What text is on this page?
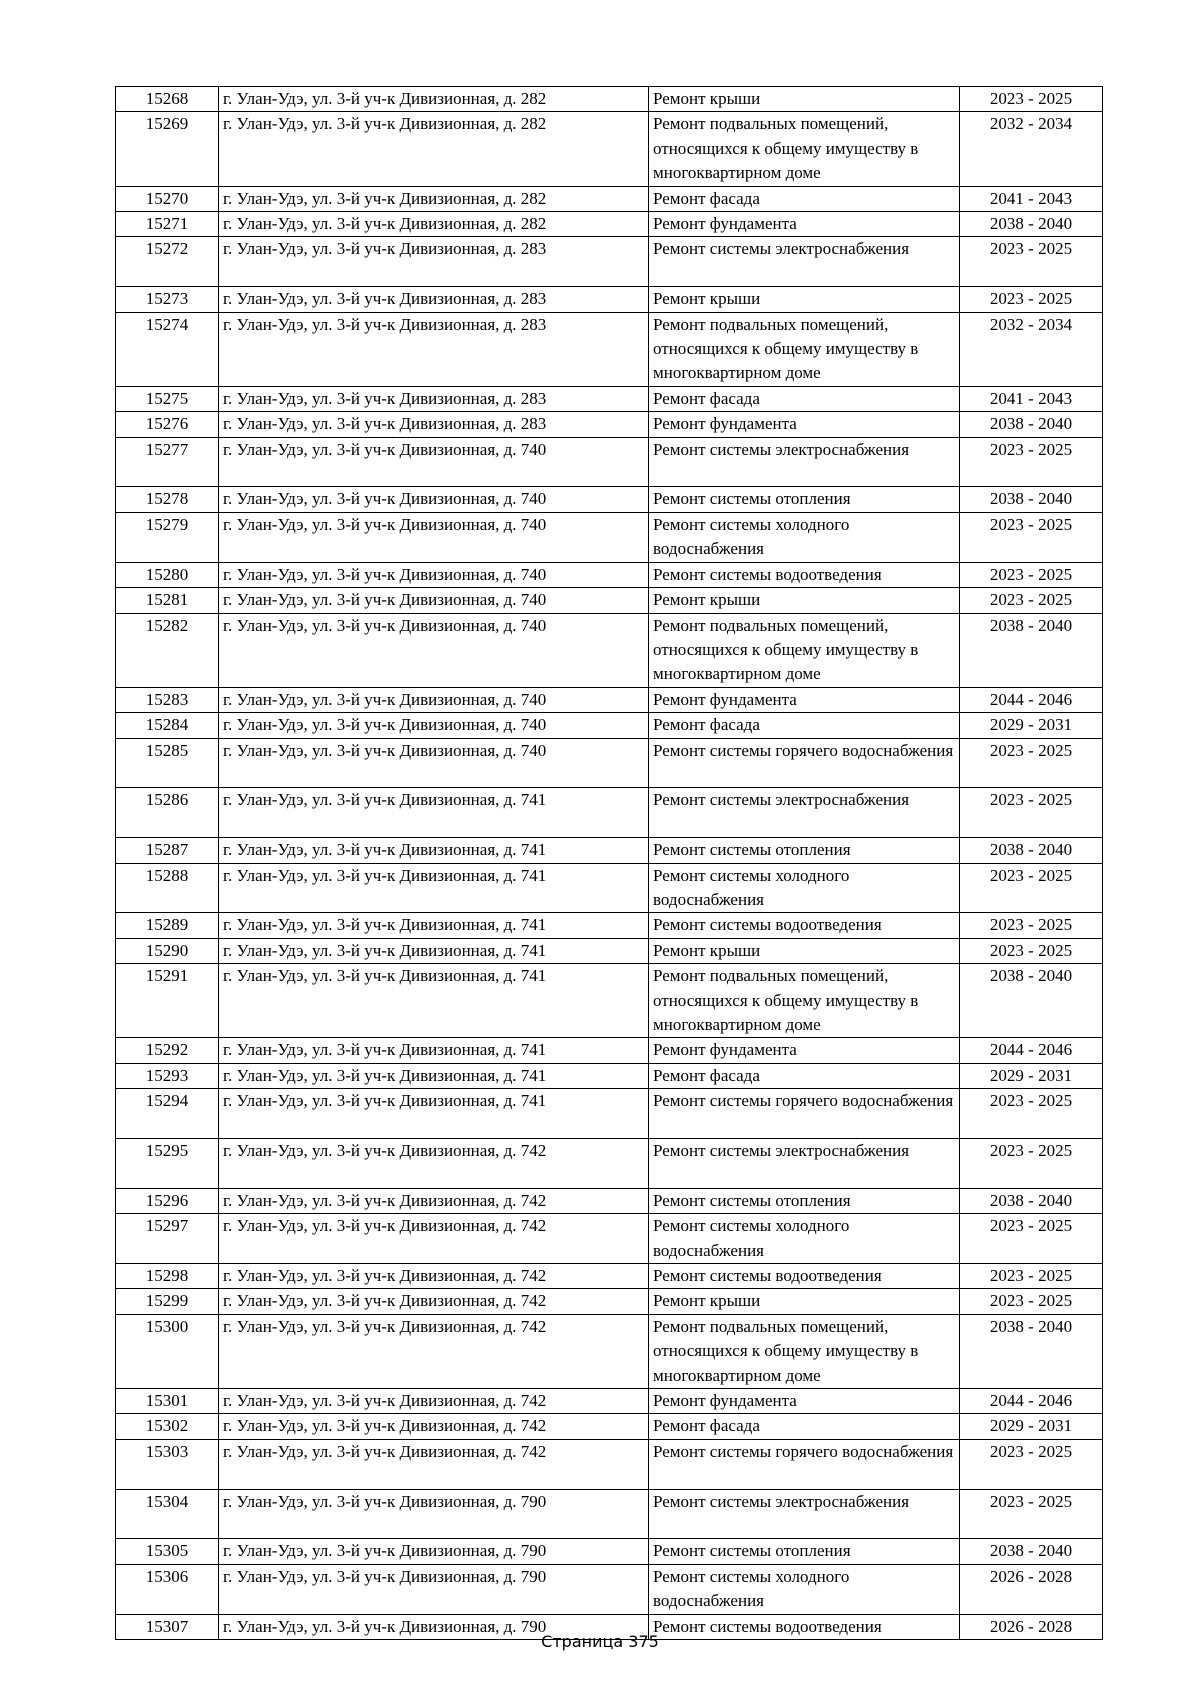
15268	г. Улан-Удэ, ул. 3-й уч-к Дивизионная, д. 282	Ремонт крыши	2023 - 2025
15269	г. Улан-Удэ, ул. 3-й уч-к Дивизионная, д. 282	Ремонт подвальных помещений, относящихся к общему имуществу в многоквартирном доме	2032 - 2034
15270	г. Улан-Удэ, ул. 3-й уч-к Дивизионная, д. 282	Ремонт фасада	2041 - 2043
15271	г. Улан-Удэ, ул. 3-й уч-к Дивизионная, д. 282	Ремонт фундамента	2038 - 2040
15272	г. Улан-Удэ, ул. 3-й уч-к Дивизионная, д. 283	Ремонт системы электроснабжения	2023 - 2025
15273	г. Улан-Удэ, ул. 3-й уч-к Дивизионная, д. 283	Ремонт крыши	2023 - 2025
15274	г. Улан-Удэ, ул. 3-й уч-к Дивизионная, д. 283	Ремонт подвальных помещений, относящихся к общему имуществу в многоквартирном доме	2032 - 2034
15275	г. Улан-Удэ, ул. 3-й уч-к Дивизионная, д. 283	Ремонт фасада	2041 - 2043
15276	г. Улан-Удэ, ул. 3-й уч-к Дивизионная, д. 283	Ремонт фундамента	2038 - 2040
15277	г. Улан-Удэ, ул. 3-й уч-к Дивизионная, д. 740	Ремонт системы электроснабжения	2023 - 2025
15278	г. Улан-Удэ, ул. 3-й уч-к Дивизионная, д. 740	Ремонт системы отопления	2038 - 2040
15279	г. Улан-Удэ, ул. 3-й уч-к Дивизионная, д. 740	Ремонт системы холодного водоснабжения	2023 - 2025
15280	г. Улан-Удэ, ул. 3-й уч-к Дивизионная, д. 740	Ремонт системы водоотведения	2023 - 2025
15281	г. Улан-Удэ, ул. 3-й уч-к Дивизионная, д. 740	Ремонт крыши	2023 - 2025
15282	г. Улан-Удэ, ул. 3-й уч-к Дивизионная, д. 740	Ремонт подвальных помещений, относящихся к общему имуществу в многоквартирном доме	2038 - 2040
15283	г. Улан-Удэ, ул. 3-й уч-к Дивизионная, д. 740	Ремонт фундамента	2044 - 2046
15284	г. Улан-Удэ, ул. 3-й уч-к Дивизионная, д. 740	Ремонт фасада	2029 - 2031
15285	г. Улан-Удэ, ул. 3-й уч-к Дивизионная, д. 740	Ремонт системы горячего водоснабжения	2023 - 2025
15286	г. Улан-Удэ, ул. 3-й уч-к Дивизионная, д. 741	Ремонт системы электроснабжения	2023 - 2025
15287	г. Улан-Удэ, ул. 3-й уч-к Дивизионная, д. 741	Ремонт системы отопления	2038 - 2040
15288	г. Улан-Удэ, ул. 3-й уч-к Дивизионная, д. 741	Ремонт системы холодного водоснабжения	2023 - 2025
15289	г. Улан-Удэ, ул. 3-й уч-к Дивизионная, д. 741	Ремонт системы водоотведения	2023 - 2025
15290	г. Улан-Удэ, ул. 3-й уч-к Дивизионная, д. 741	Ремонт крыши	2023 - 2025
15291	г. Улан-Удэ, ул. 3-й уч-к Дивизионная, д. 741	Ремонт подвальных помещений, относящихся к общему имуществу в многоквартирном доме	2038 - 2040
15292	г. Улан-Удэ, ул. 3-й уч-к Дивизионная, д. 741	Ремонт фундамента	2044 - 2046
15293	г. Улан-Удэ, ул. 3-й уч-к Дивизионная, д. 741	Ремонт фасада	2029 - 2031
15294	г. Улан-Удэ, ул. 3-й уч-к Дивизионная, д. 741	Ремонт системы горячего водоснабжения	2023 - 2025
15295	г. Улан-Удэ, ул. 3-й уч-к Дивизионная, д. 742	Ремонт системы электроснабжения	2023 - 2025
15296	г. Улан-Удэ, ул. 3-й уч-к Дивизионная, д. 742	Ремонт системы отопления	2038 - 2040
15297	г. Улан-Удэ, ул. 3-й уч-к Дивизионная, д. 742	Ремонт системы холодного водоснабжения	2023 - 2025
15298	г. Улан-Удэ, ул. 3-й уч-к Дивизионная, д. 742	Ремонт системы водоотведения	2023 - 2025
15299	г. Улан-Удэ, ул. 3-й уч-к Дивизионная, д. 742	Ремонт крыши	2023 - 2025
15300	г. Улан-Удэ, ул. 3-й уч-к Дивизионная, д. 742	Ремонт подвальных помещений, относящихся к общему имуществу в многоквартирном доме	2038 - 2040
15301	г. Улан-Удэ, ул. 3-й уч-к Дивизионная, д. 742	Ремонт фундамента	2044 - 2046
15302	г. Улан-Удэ, ул. 3-й уч-к Дивизионная, д. 742	Ремонт фасада	2029 - 2031
15303	г. Улан-Удэ, ул. 3-й уч-к Дивизионная, д. 742	Ремонт системы горячего водоснабжения	2023 - 2025
15304	г. Улан-Удэ, ул. 3-й уч-к Дивизионная, д. 790	Ремонт системы электроснабжения	2023 - 2025
15305	г. Улан-Удэ, ул. 3-й уч-к Дивизионная, д. 790	Ремонт системы отопления	2038 - 2040
15306	г. Улан-Удэ, ул. 3-й уч-к Дивизионная, д. 790	Ремонт системы холодного водоснабжения	2026 - 2028
15307	г. Улан-Удэ, ул. 3-й уч-к Дивизионная, д. 790	Ремонт системы водоотведения	2026 - 2028
Страница 375
